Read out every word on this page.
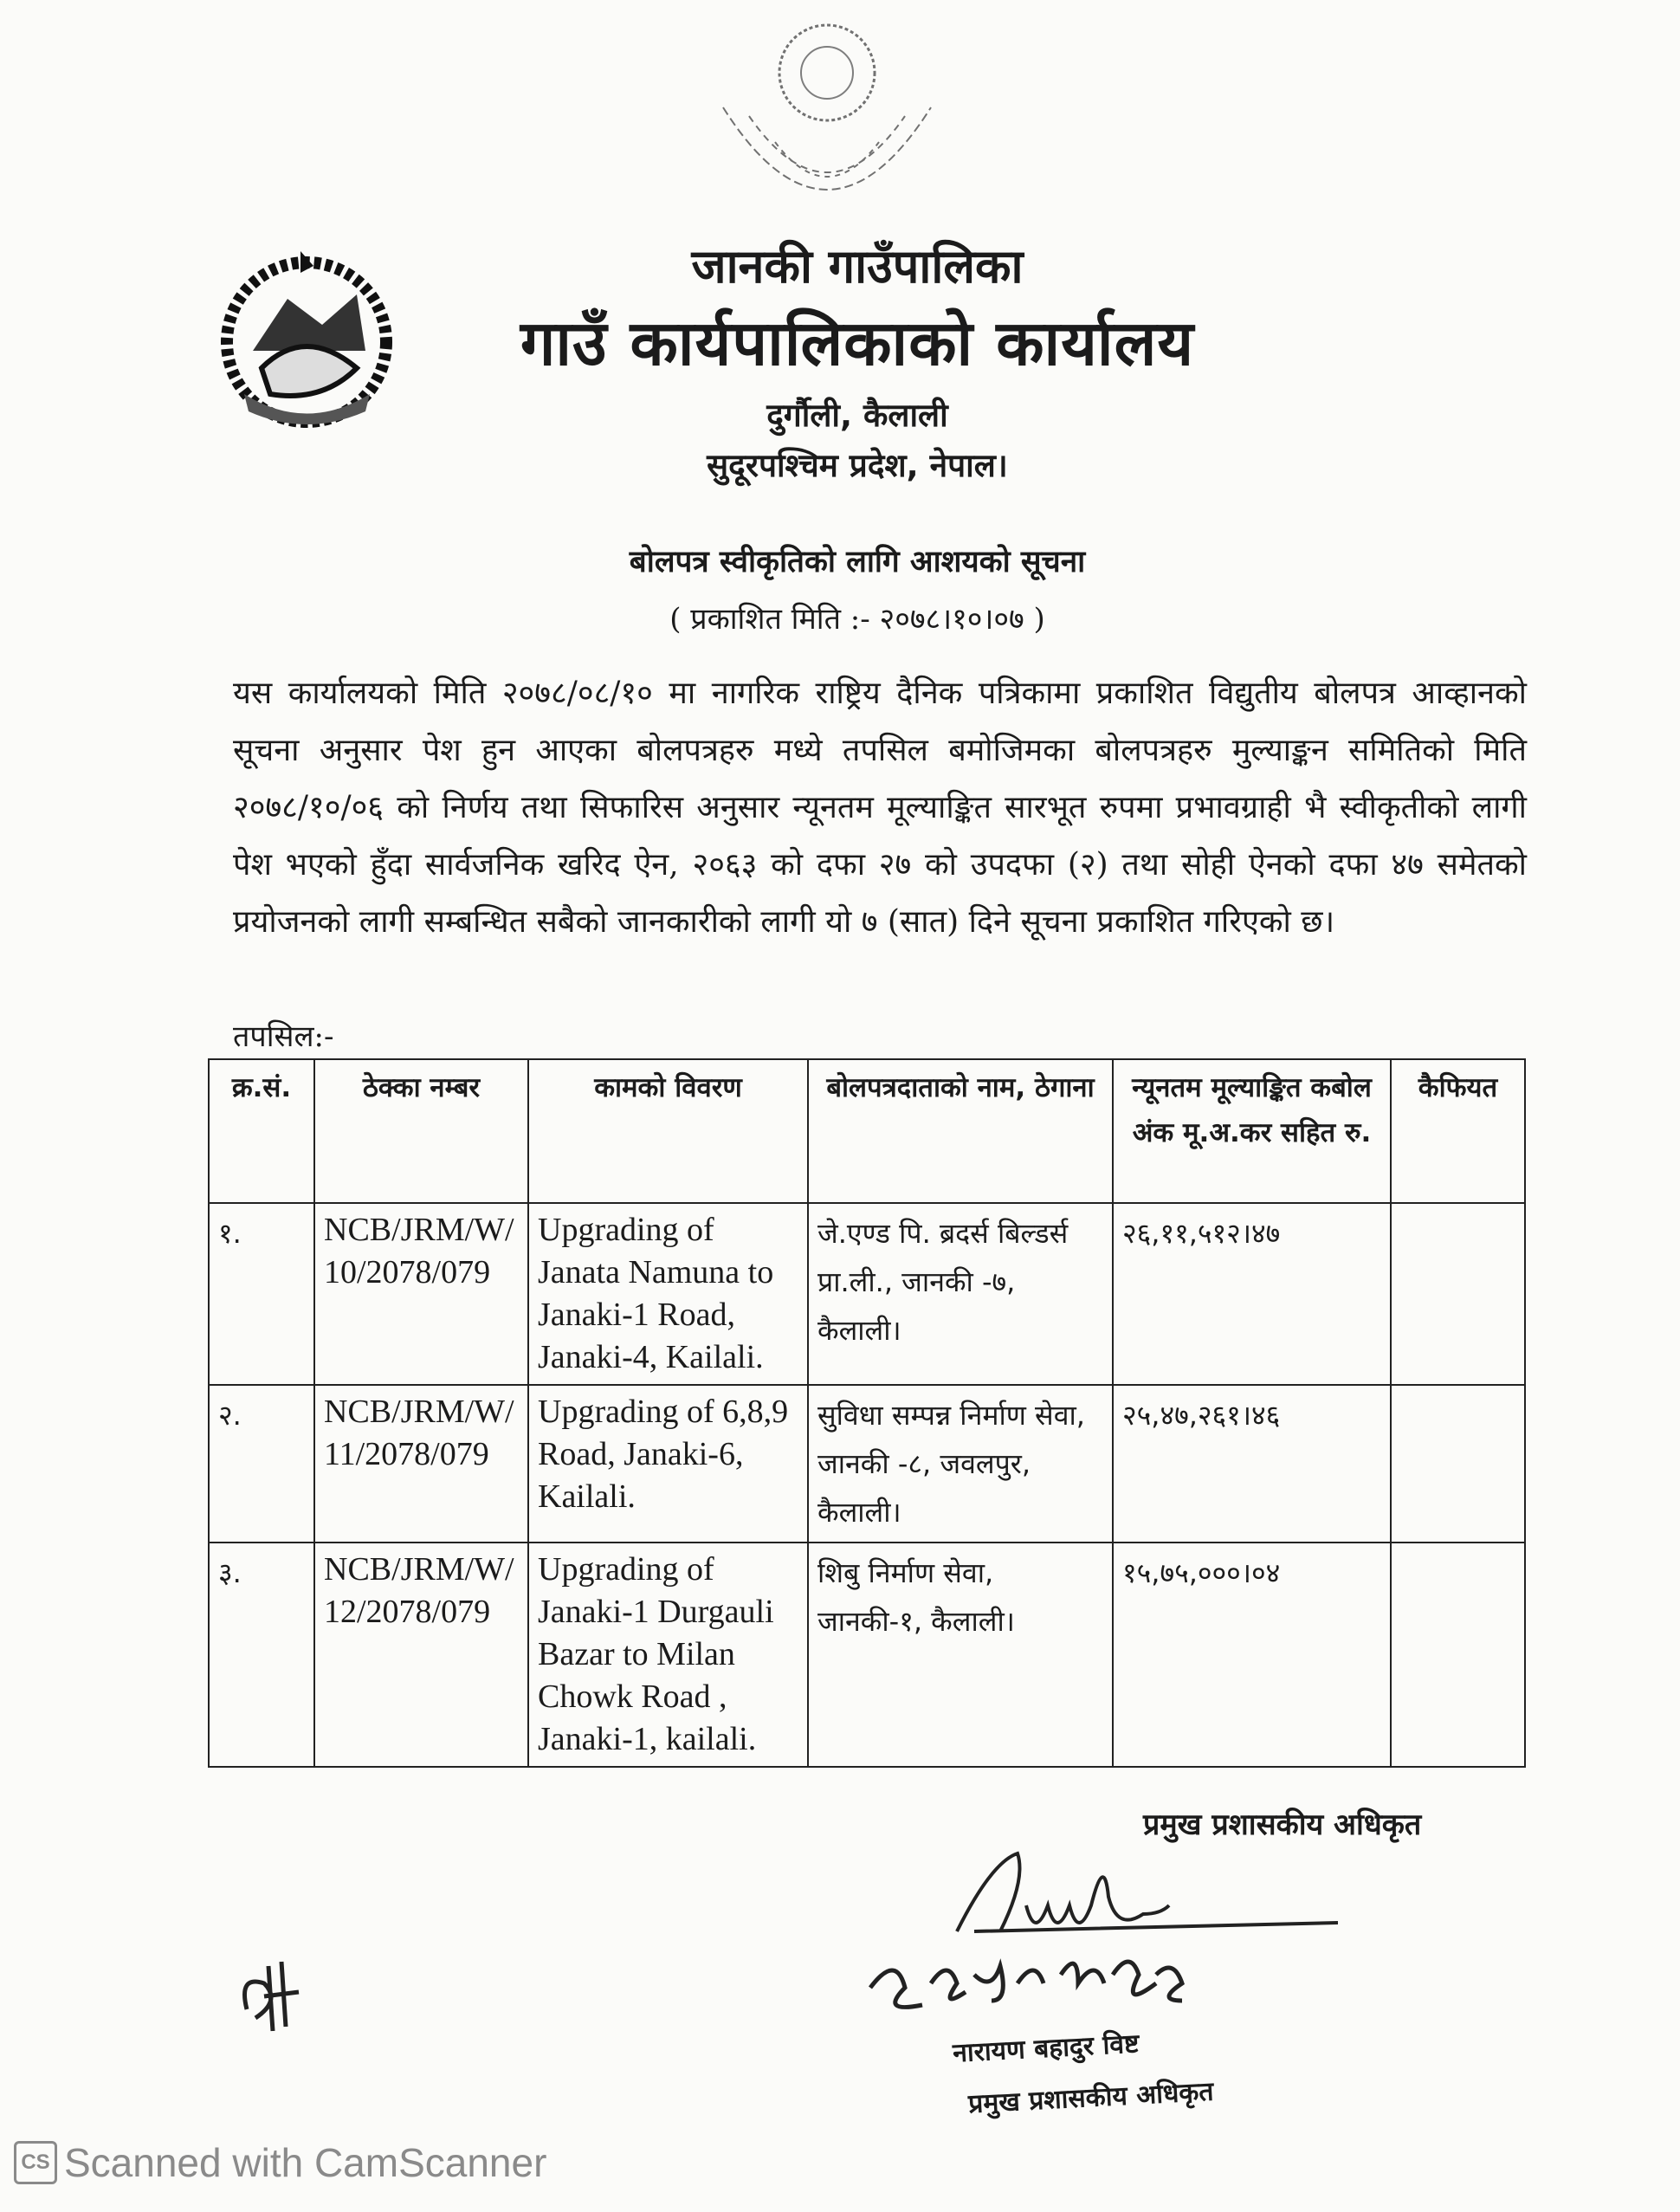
जानकी गाउँपालिका
गाउँ कार्यपालिकाको कार्यालय
दुर्गौली, कैलाली
सुदूरपश्चिम प्रदेश, नेपाल।
बोलपत्र स्वीकृतिको लागि आशयको सूचना
( प्रकाशित मिति :- २०७८।१०।०७ )
यस कार्यालयको मिति २०७८/०८/१० मा नागरिक राष्ट्रिय दैनिक पत्रिकामा प्रकाशित विद्युतीय बोलपत्र आव्हानको सूचना अनुसार पेश हुन आएका बोलपत्रहरु मध्ये तपसिल बमोजिमका बोलपत्रहरु मुल्याङ्कन समितिको मिति २०७८/१०/०६ को निर्णय तथा सिफारिस अनुसार न्यूनतम मूल्याङ्कित सारभूत रुपमा प्रभावग्राही भै स्वीकृतीको लागी पेश भएको हुँदा सार्वजनिक खरिद ऐन, २०६३ को दफा २७ को उपदफा (२) तथा सोही ऐनको दफा ४७ समेतको प्रयोजनको लागी सम्बन्धित सबैको जानकारीको लागी यो ७ (सात) दिने सूचना प्रकाशित गरिएको छ।
तपसिल:-
क्र.सं.	ठेक्का नम्बर	कामको विवरण	बोलपत्रदाताको नाम, ठेगाना	न्यूनतम मूल्याङ्कित कबोल अंक मू.अ.कर सहित रु.	कैफियत
१.	NCB/JRM/W/ 10/2078/079	Upgrading of Janata Namuna to Janaki-1 Road, Janaki-4, Kailali.	जे.एण्ड पि. ब्रदर्स बिल्डर्स प्रा.ली., जानकी -७, कैलाली।	२६,११,५१२।४७	
२.	NCB/JRM/W/ 11/2078/079	Upgrading of 6,8,9 Road, Janaki-6, Kailali.	सुविधा सम्पन्न निर्माण सेवा, जानकी -८, जवलपुर, कैलाली।	२५,४७,२६१।४६	
३.	NCB/JRM/W/ 12/2078/079	Upgrading of Janaki-1 Durgauli Bazar to Milan Chowk Road , Janaki-1, kailali.	शिबु निर्माण सेवा, जानकी-१, कैलाली।	१५,७५,०००।०४	
प्रमुख प्रशासकीय अधिकृत
नारायण बहादुर विष्ट
प्रमुख प्रशासकीय अधिकृत
CS Scanned with CamScanner
